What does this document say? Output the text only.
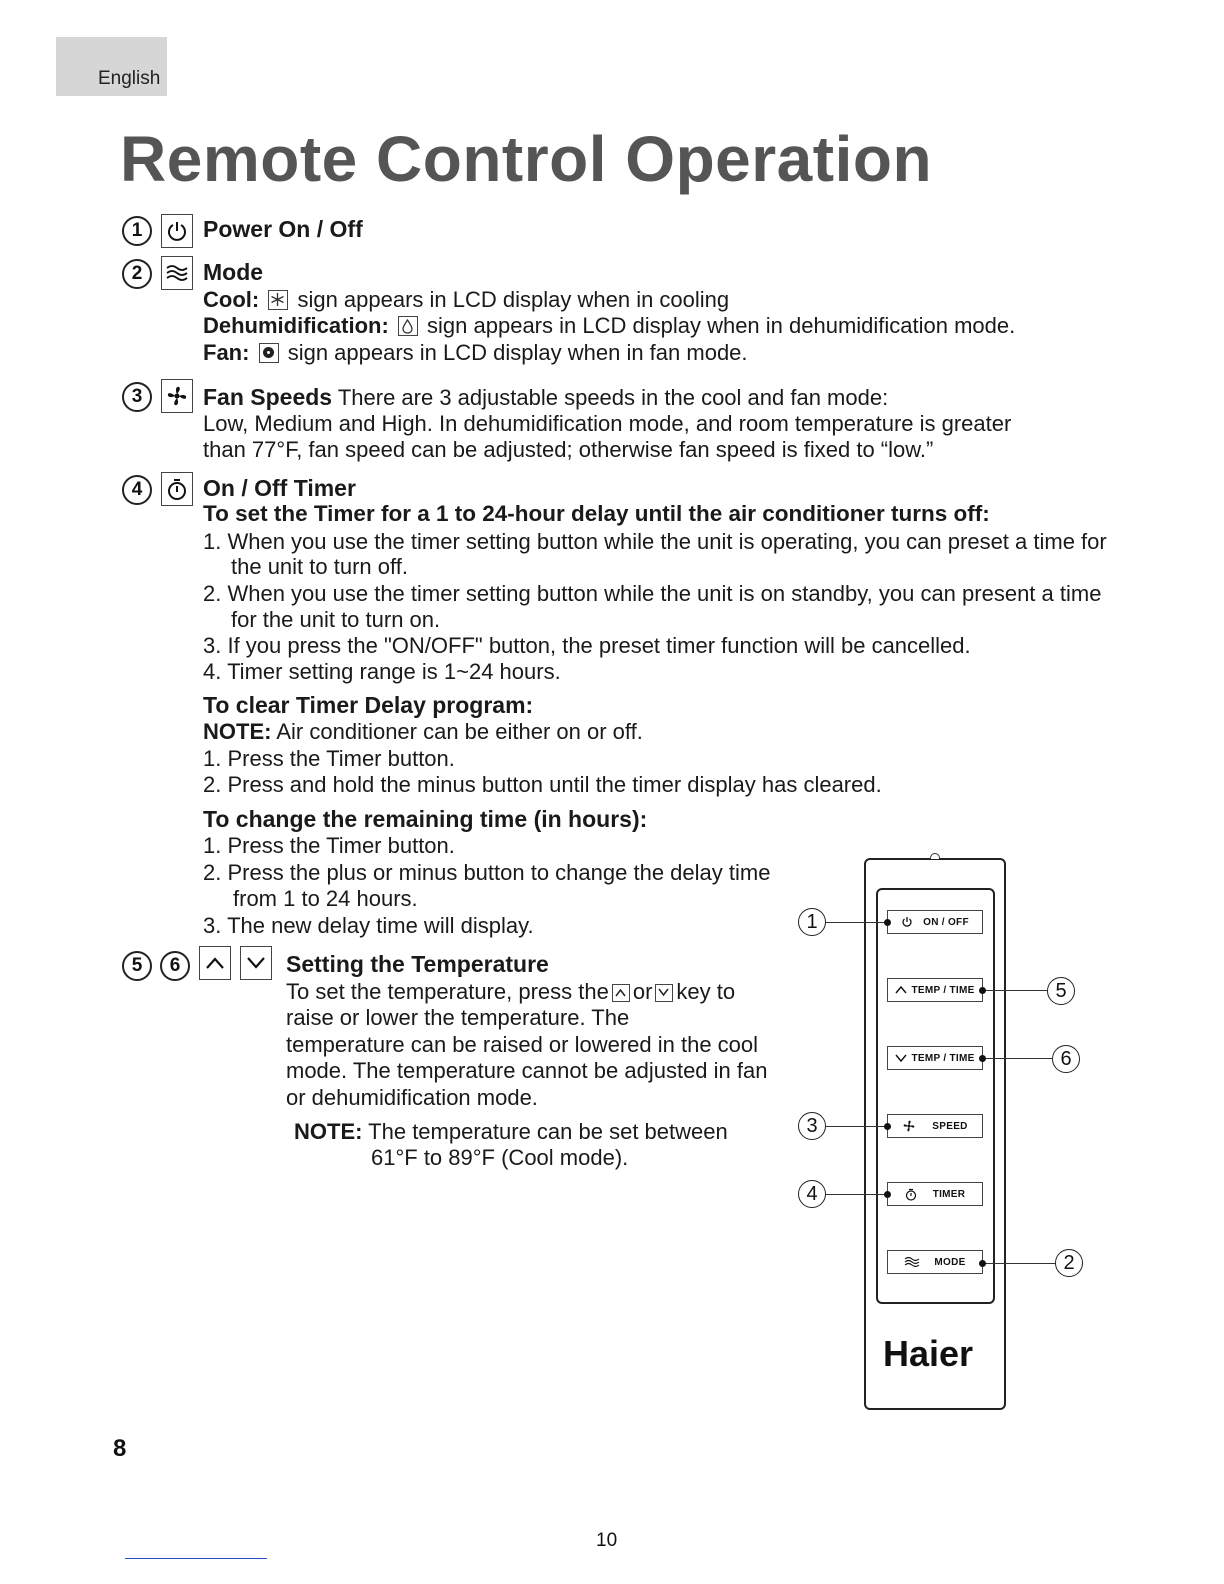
English
Remote Control Operation
1	Power On / Off
2	Mode
Cool: sign appears in LCD display when in cooling
Dehumidification: sign appears in LCD display when in dehumidification mode.
Fan: sign appears in LCD display when in fan mode.
3	Fan Speeds There are 3 adjustable speeds in the cool and fan mode:
Low, Medium and High. In dehumidification mode, and room temperature is greater
than 77°F, fan speed can be adjusted; otherwise fan speed is fixed to “low.”
4	On / Off Timer
To set the Timer for a 1 to 24-hour delay until the air conditioner turns off:
1. When you use the timer setting button while the unit is operating, you can preset a time for
the unit to turn off.
2. When you use the timer setting button while the unit is on standby, you can present a time
for the unit to turn on.
3. If you press the "ON/OFF" button, the preset timer function will be cancelled.
4. Timer setting range is 1~24 hours.
To clear Timer Delay program:
NOTE: Air conditioner can be either on or off.
1. Press the Timer button.
2. Press and hold the minus button until the timer display has cleared.
To change the remaining time (in hours):
1. Press the Timer button.
2. Press the plus or minus button to change the delay time
from 1 to 24 hours.
3. The new delay time will display.
5	6	Setting the Temperature
To set the temperature, press the or key to
raise or lower the temperature. The
temperature can be raised or lowered in the cool
mode. The temperature cannot be adjusted in fan
or dehumidification mode.
NOTE: The temperature can be set between
61°F to 89°F (Cool mode).
ON / OFF
TEMP / TIME
TEMP / TIME
SPEED
TIMER
MODE
1
5
6
3
4
2
Haier
8
10
